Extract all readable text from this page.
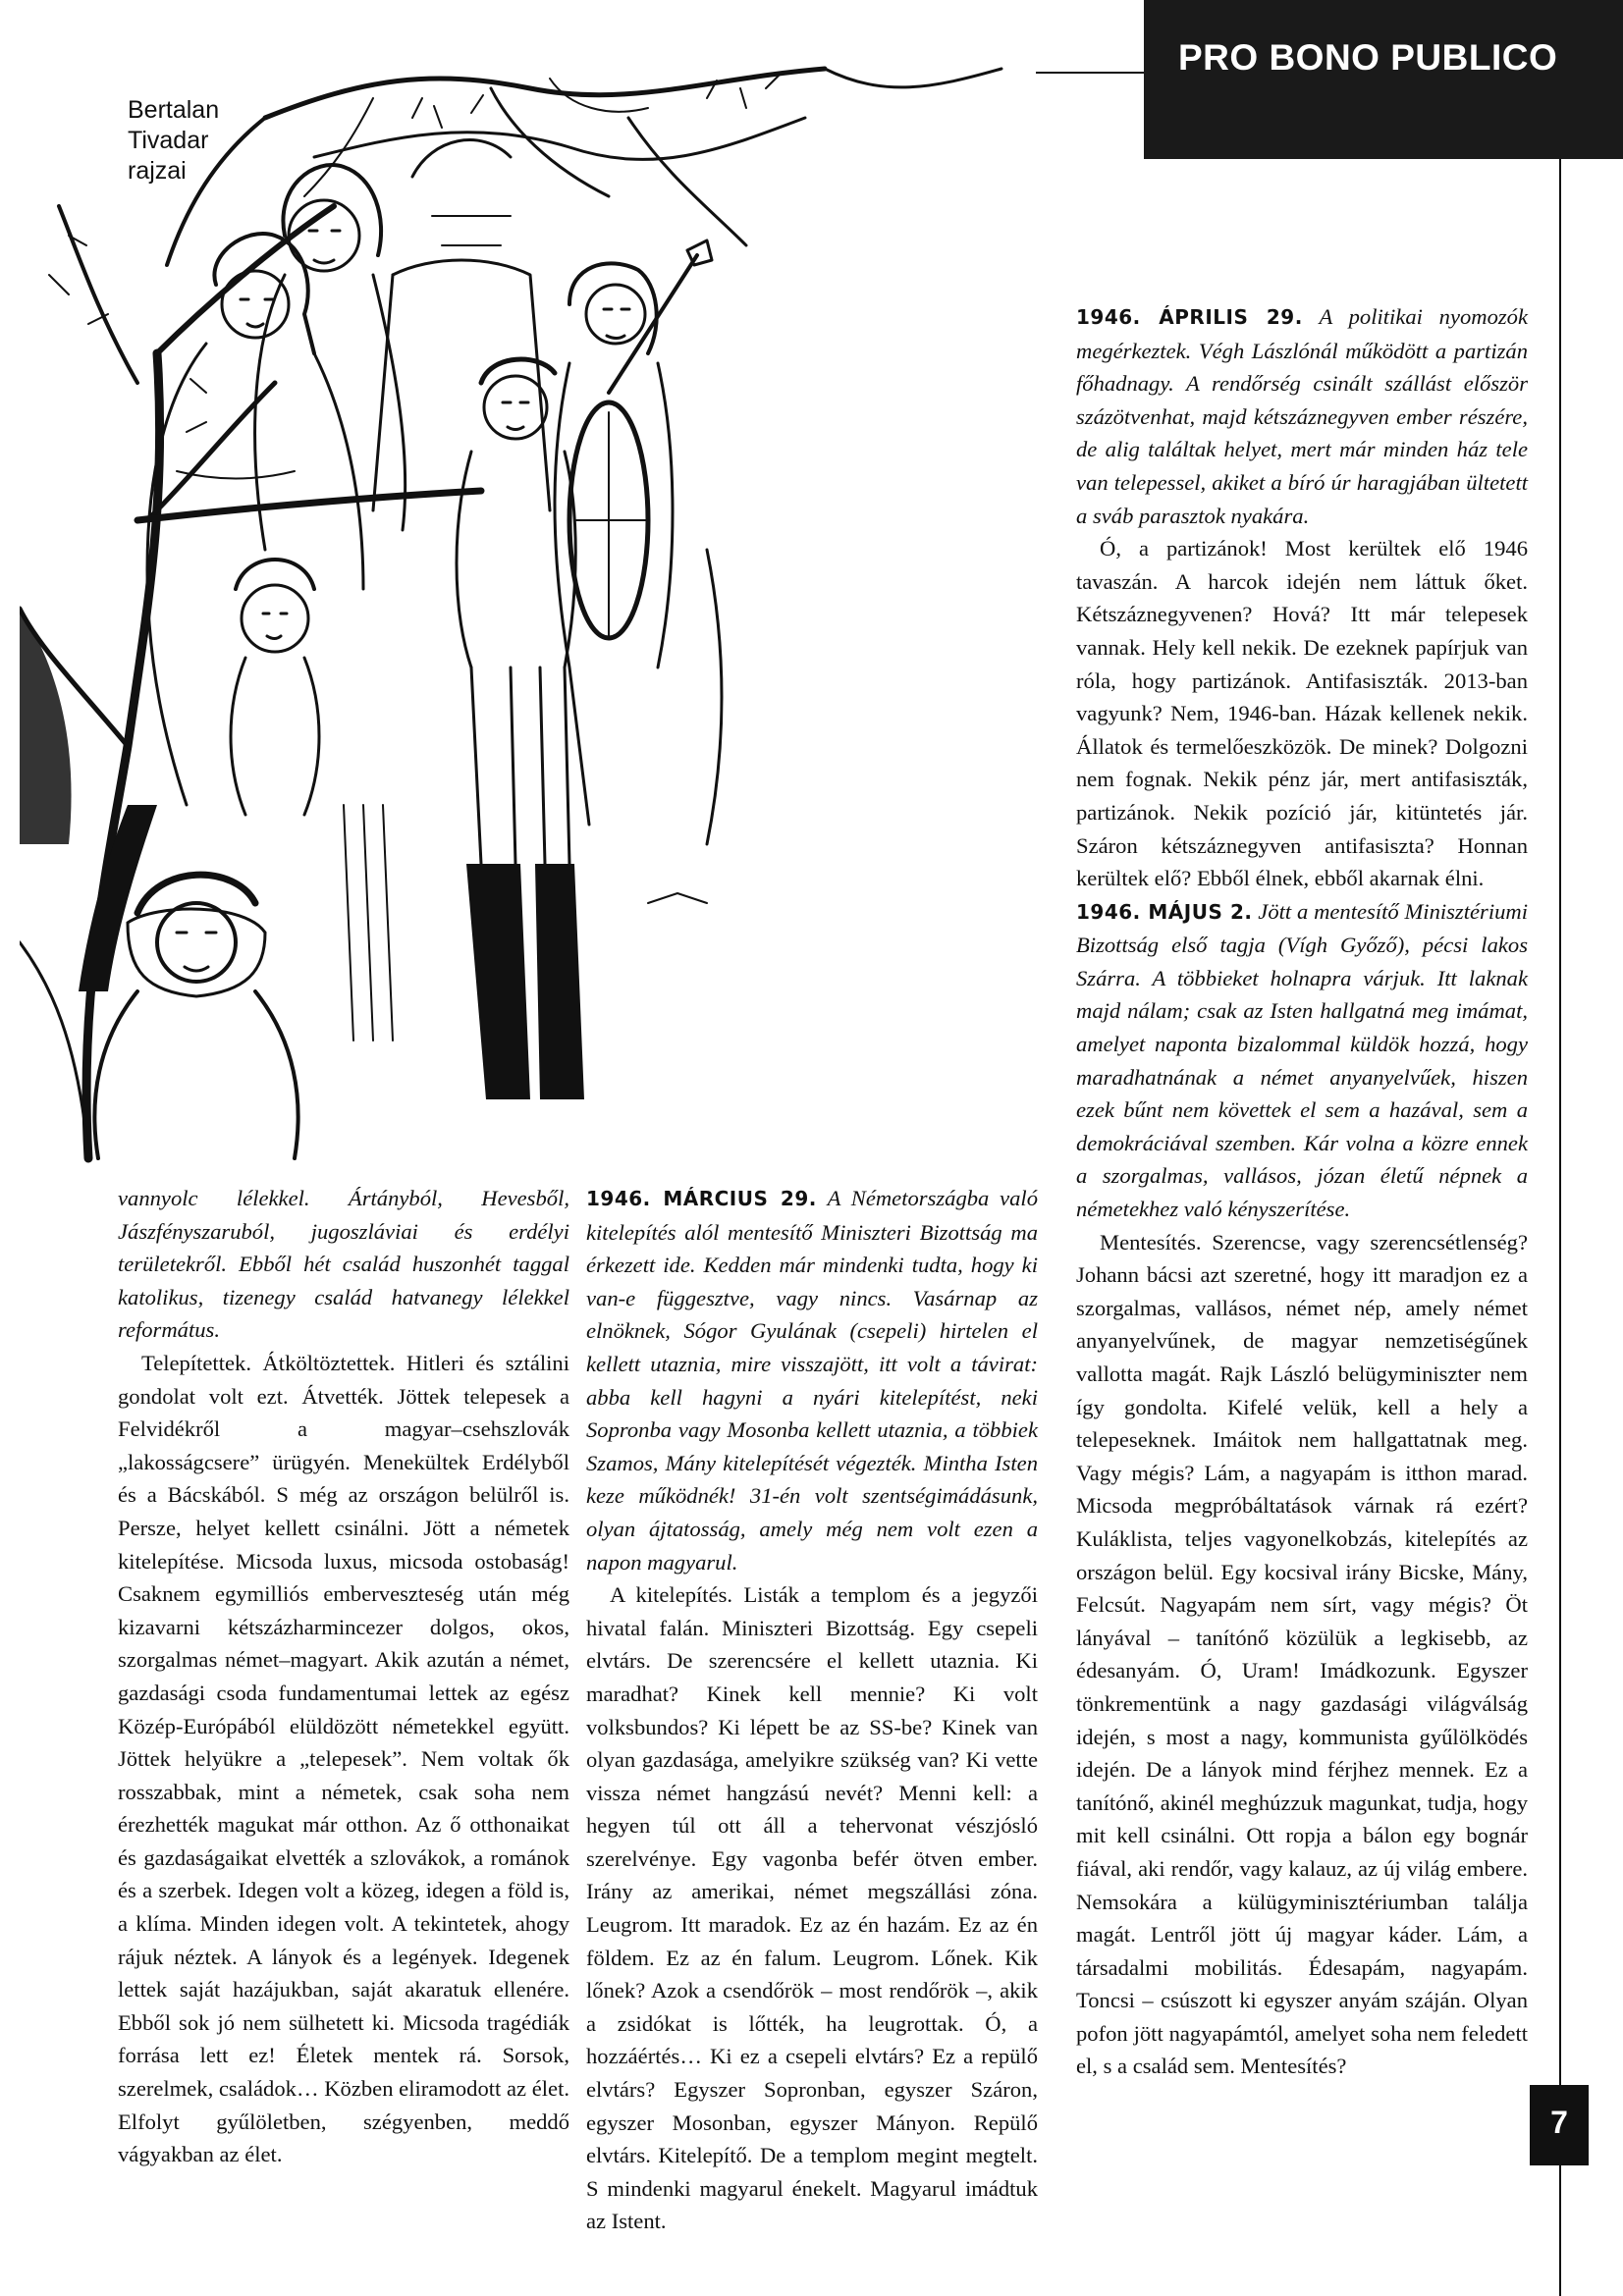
PRO BONO PUBLICO
Bertalan
Tivadar
rajzai

vannyolc lélekkel. Ártányból, Hevesből, Jászfényszaruból, jugoszláviai és erdélyi területekről. Ebből hét család huszonhét taggal katolikus, tizenegy család hatvanegy lélekkel református.

Telepítettek. Átköltöztettek. Hitleri és sztálini gondolat volt ezt. Átvették. Jöttek telepesek a Felvidékről a magyar–csehszlovák „lakosságcsere” ürügyén. Menekültek Erdélyből és a Bácskából. S még az országon belülről is. Persze, helyet kellett csinálni. Jött a németek kitelepítése. Micsoda luxus, micsoda ostobaság! Csaknem egymilliós emberveszteség után még kizavarni kétszázharmincezer dolgos, okos, szorgalmas német–magyart. Akik azután a német, gazdasági csoda fundamentumai lettek az egész Közép-Európából elüldözött németekkel együtt. Jöttek helyükre a „telepesek”. Nem voltak ők rosszabbak, mint a németek, csak soha nem érezhették magukat már otthon. Az ő otthonaikat és gazdaságaikat elvették a szlovákok, a románok és a szerbek. Idegen volt a közeg, idegen a föld is, a klíma. Minden idegen volt. A tekintetek, ahogy rájuk néztek. A lányok és a legények. Idegenek lettek saját hazájukban, saját akaratuk ellenére. Ebből sok jó nem sülhetett ki. Micsoda tragédiák forrása lett ez! Életek mentek rá. Sorsok, szerelmek, családok… Közben eliramodott az élet. Elfolyt gyűlöletben, szégyenben, meddő vágyakban az élet.

1946. MÁRCIUS 29. A Németországba való kitelepítés alól mentesítő Miniszteri Bizottság ma érkezett ide. Kedden már mindenki tudta, hogy ki van-e függesztve, vagy nincs. Vasárnap az elnöknek, Sógor Gyulának (csepeli) hirtelen el kellett utaznia, mire visszajött, itt volt a távirat: abba kell hagyni a nyári kitelepítést, neki Sopronba vagy Mosonba kellett utaznia, a többiek Szamos, Mány kitelepítését végezték. Mintha Isten keze működnék! 31-én volt szentségimádásunk, olyan ájtatosság, amely még nem volt ezen a napon magyarul.

A kitelepítés. Listák a templom és a jegyzői hivatal falán. Miniszteri Bizottság. Egy csepeli elvtárs. De szerencsére el kellett utaznia. Ki maradhat? Kinek kell mennie? Ki volt volksbundos? Ki lépett be az SS-be? Kinek van olyan gazdasága, amelyikre szükség van? Ki vette vissza német hangzású nevét? Menni kell: a hegyen túl ott áll a tehervonat vészjósló szerelvénye. Egy vagonba befér ötven ember. Irány az amerikai, német megszállási zóna. Leugrom. Itt maradok. Ez az én hazám. Ez az én földem. Ez az én falum. Leugrom. Lőnek. Kik lőnek? Azok a csendőrök – most rendőrök –, akik a zsidókat is lőtték, ha leugrottak. Ó, a hozzáértés… Ki ez a csepeli elvtárs? Ez a repülő elvtárs? Egyszer Sopronban, egyszer Száron, egyszer Mosonban, egyszer Mányon. Repülő elvtárs. Kitelepítő. De a templom megint megtelt. S mindenki magyarul énekelt. Magyarul imádtuk az Istent.

1946. ÁPRILIS 29. A politikai nyomozók megérkeztek. Végh Lászlónál működött a partizán főhadnagy. A rendőrség csinált szállást először százötvenhat, majd kétszáznegyven ember részére, de alig találtak helyet, mert már minden ház tele van telepessel, akiket a bíró úr haragjában ültetett a sváb parasztok nyakára.

Ó, a partizánok! Most kerültek elő 1946 tavaszán. A harcok idején nem láttuk őket. Kétszáznegyvenen? Hová? Itt már telepesek vannak. Hely kell nekik. De ezeknek papírjuk van róla, hogy partizánok. Antifasiszták. 2013-ban vagyunk? Nem, 1946-ban. Házak kellenek nekik. Állatok és termelőeszközök. De minek? Dolgozni nem fognak. Nekik pénz jár, mert antifasiszták, partizánok. Nekik pozíció jár, kitüntetés jár. Száron kétszáznegyven antifasiszta? Honnan kerültek elő? Ebből élnek, ebből akarnak élni.

1946. MÁJUS 2. Jött a mentesítő Minisztériumi Bizottság első tagja (Vígh Győző), pécsi lakos Szárra. A többieket holnapra várjuk. Itt laknak majd nálam; csak az Isten hallgatná meg imámat, amelyet naponta bizalommal küldök hozzá, hogy maradhatnának a német anyanyelvűek, hiszen ezek bűnt nem követtek el sem a hazával, sem a demokráciával szemben. Kár volna a közre ennek a szorgalmas, vallásos, józan életű népnek a németekhez való kényszerítése.

Mentesítés. Szerencse, vagy szerencsétlenség? Johann bácsi azt szeretné, hogy itt maradjon ez a szorgalmas, vallásos, német nép, amely német anyanyelvűnek, de magyar nemzetiségűnek vallotta magát. Rajk László belügyminiszter nem így gondolta. Kifelé velük, kell a hely a telepeseknek. Imáitok nem hallgattatnak meg. Vagy mégis? Lám, a nagyapám is itthon marad. Micsoda megpróbáltatások várnak rá ezért? Kuláklista, teljes vagyonelkobzás, kitelepítés az országon belül. Egy kocsival irány Bicske, Mány, Felcsút. Nagyapám nem sírt, vagy mégis? Öt lányával – tanítónő közülük a legkisebb, az édesanyám. Ó, Uram! Imádkozunk. Egyszer tönkrementünk a nagy gazdasági világválság idején, s most a nagy, kommunista gyűlölködés idején. De a lányok mind férjhez mennek. Ez a tanítónő, akinél meghúzzuk magunkat, tudja, hogy mit kell csinálni. Ott ropja a bálon egy bognár fiával, aki rendőr, vagy kalauz, az új világ embere. Nemsokára a külügyminisztériumban találja magát. Lentről jött új magyar káder. Lám, a társadalmi mobilitás. Édesapám, nagyapám. Toncsi – csúszott ki egyszer anyám száján. Olyan pofon jött nagyapámtól, amelyet soha nem feledett el, s a család sem. Mentesítés?

7
